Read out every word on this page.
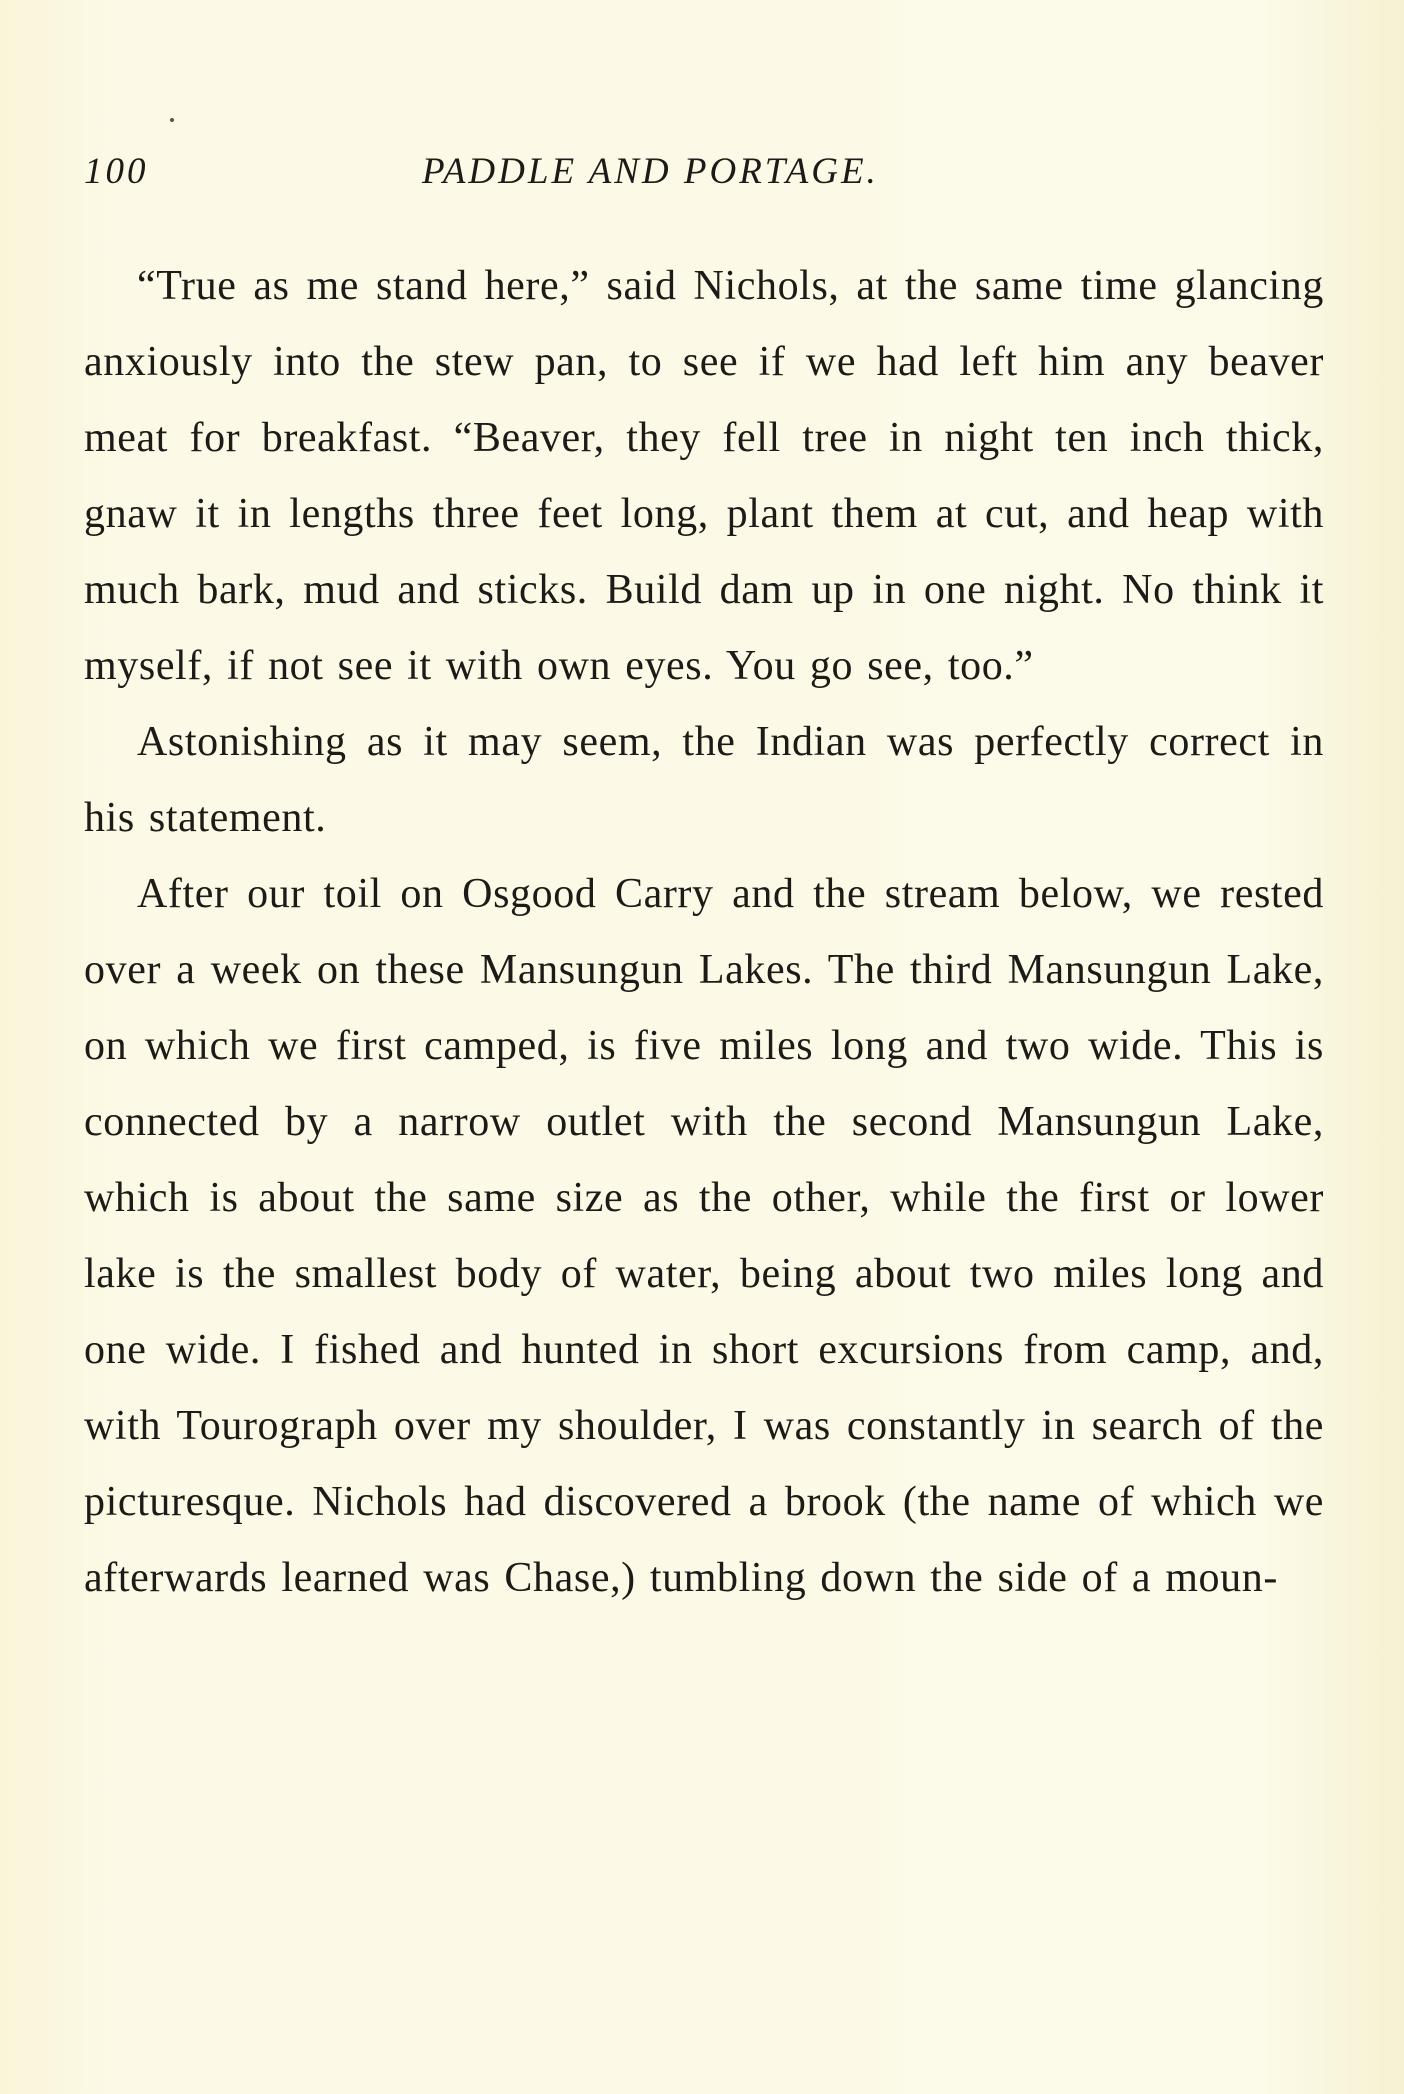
100	PADDLE AND PORTAGE.

“True as me stand here,” said Nichols, at the same time glancing anxiously into the stew pan, to see if we had left him any beaver meat for breakfast. “Beaver, they fell tree in night ten inch thick, gnaw it in lengths three feet long, plant them at cut, and heap with much bark, mud and sticks. Build dam up in one night. No think it myself, if not see it with own eyes. You go see, too.”

Astonishing as it may seem, the Indian was perfectly correct in his statement.

After our toil on Osgood Carry and the stream below, we rested over a week on these Mansungun Lakes. The third Mansungun Lake, on which we first camped, is five miles long and two wide. This is connected by a narrow outlet with the second Mansungun Lake, which is about the same size as the other, while the first or lower lake is the smallest body of water, being about two miles long and one wide. I fished and hunted in short excursions from camp, and, with Tourograph over my shoulder, I was constantly in search of the picturesque. Nichols had discovered a brook (the name of which we afterwards learned was Chase,) tumbling down the side of a moun-
